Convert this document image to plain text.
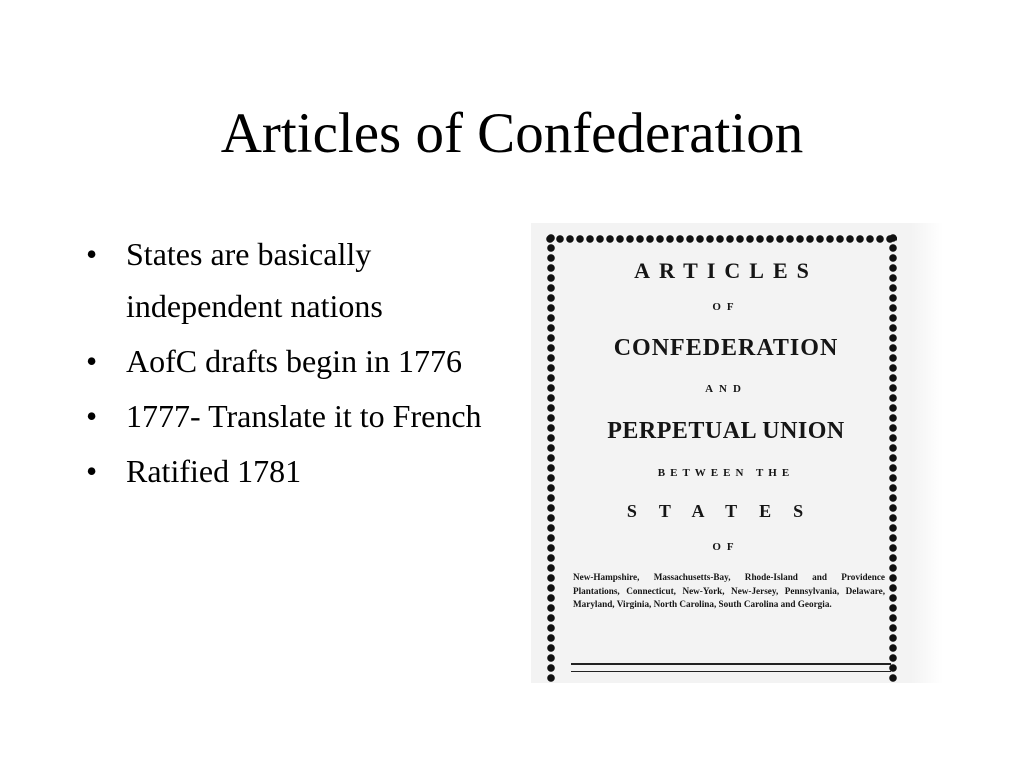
Articles of Confederation
• States are basically independent nations
• AofC drafts begin in 1776
• 1777- Translate it to French
• Ratified 1781
ARTICLES
OF
CONFEDERATION
AND
PERPETUAL UNION
BETWEEN THE
STATES
OF
New-Hampshire, Massachusetts-Bay, Rhode-Island and Providence Plantations, Connecticut, New-York, New-Jersey, Pennsylvania, Delaware, Maryland, Virginia, North Carolina, South Carolina and Georgia.
